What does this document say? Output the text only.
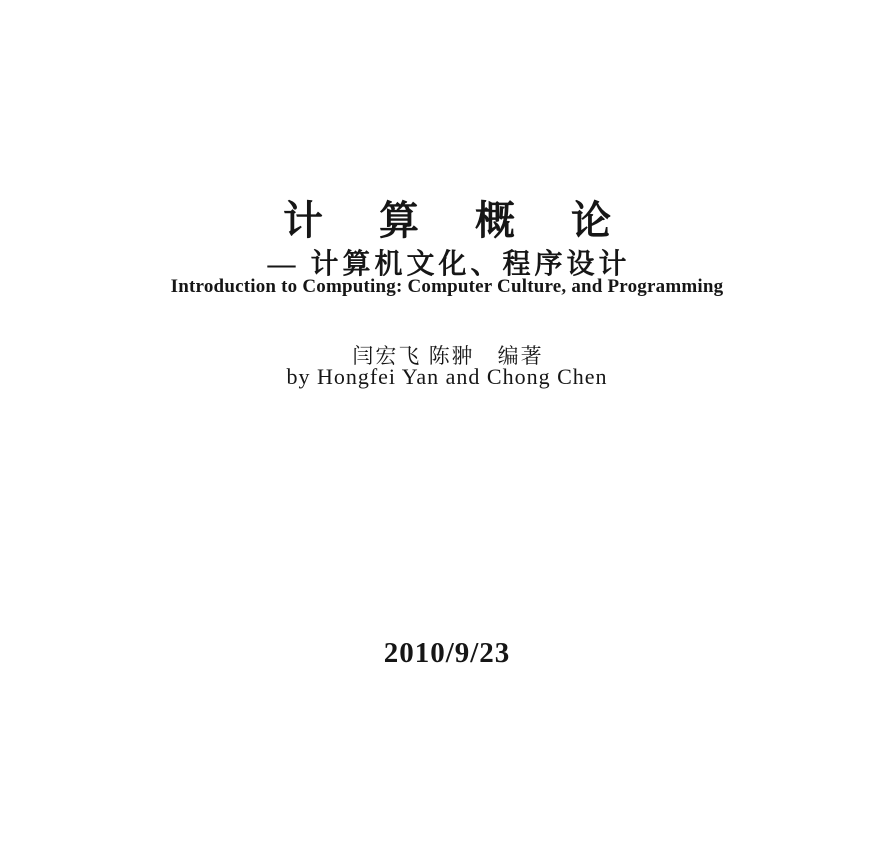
计 算 概 论
— 计算机文化、程序设计
Introduction to Computing: Computer Culture, and Programming
闫宏飞 陈翀　编著
by Hongfei Yan and Chong Chen
2010/9/23
